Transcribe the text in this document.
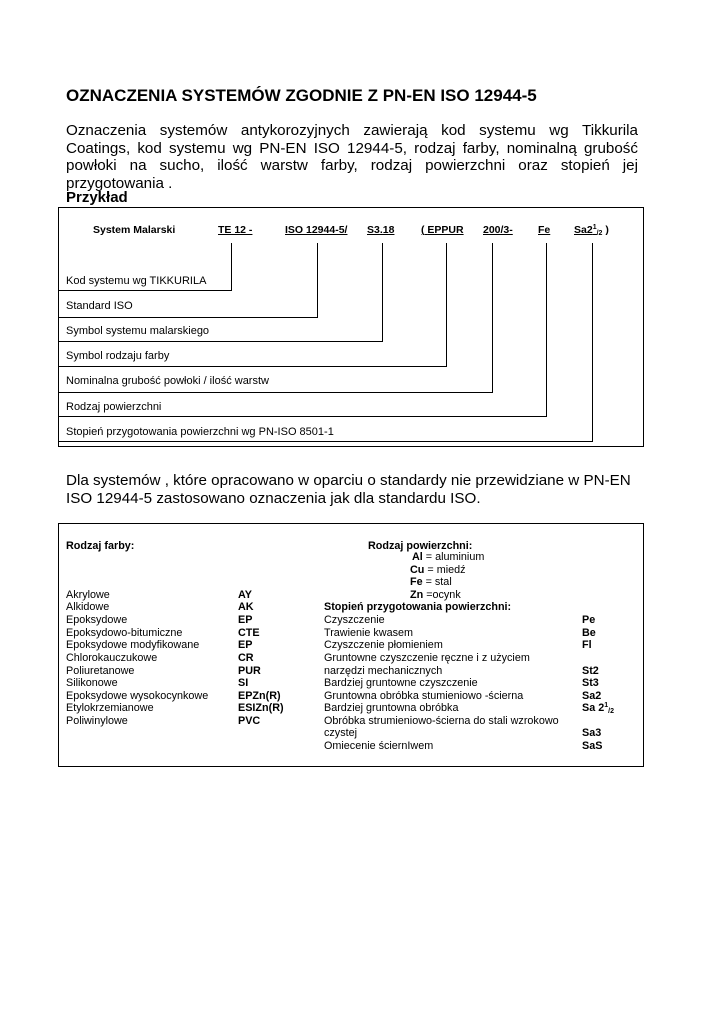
OZNACZENIA SYSTEMÓW ZGODNIE Z PN-EN ISO 12944-5
Oznaczenia systemów antykorozyjnych zawierają kod systemu wg Tikkurila Coatings, kod systemu wg PN-EN ISO 12944-5, rodzaj farby, nominalną grubość powłoki na sucho, ilość warstw farby, rodzaj powierzchni oraz stopień jej przygotowania .
Przykład
System Malarski	TE 12 -	ISO 12944-5/ S3.18	( EPPUR 200/3- Fe $Sa2^1_{/2}$ )
Kod systemu wg TIKKURILA
Standard ISO
Symbol systemu malarskiego
Symbol rodzaju farby
Nominalna grubość powłoki / ilość warstw
Rodzaj powierzchni
Stopień przygotowania powierzchni wg PN-ISO 8501-1
Dla systemów , które opracowano w oparciu o standardy nie przewidziane w PN-EN ISO 12944-5 zastosowano oznaczenia jak dla standardu ISO.
Rodzaj farby:	Rodzaj powierzchni:
Al = aluminium
Cu = miedź
Fe = stal
Akrylowe	AY
Alkidowe	AK
Epoksydowe	EP
Epoksydowo-bitumiczne	CTE
Epoksydowe modyfikowane	EP
Chlorokauczukowe	CR
Poliuretanowe	PUR
Silikonowe	SI
Epoksydowe wysokocynkowe	EPZn(R)
Etylokrzemianowe	ESIZn(R)
Poliwinylowe	PVC
Zn =ocynk
Stopień przygotowania powierzchni:
Czyszczenie	Pe
Trawienie kwasem	Be
Czyszczenie płomieniem	Fl
Gruntowne czyszczenie ręczne i z użyciem
narzędzi mechanicznych	St2
Bardziej gruntowne czyszczenie	St3
Gruntowna obróbka stumieniowo -ścierna	Sa2
Bardziej gruntowna obróbka	Sa $2^1_{/2}$
Obróbka strumieniowo-ścierna do stali wzrokowo
czystej	Sa3
Omiecenie ściernIwem	SaS
